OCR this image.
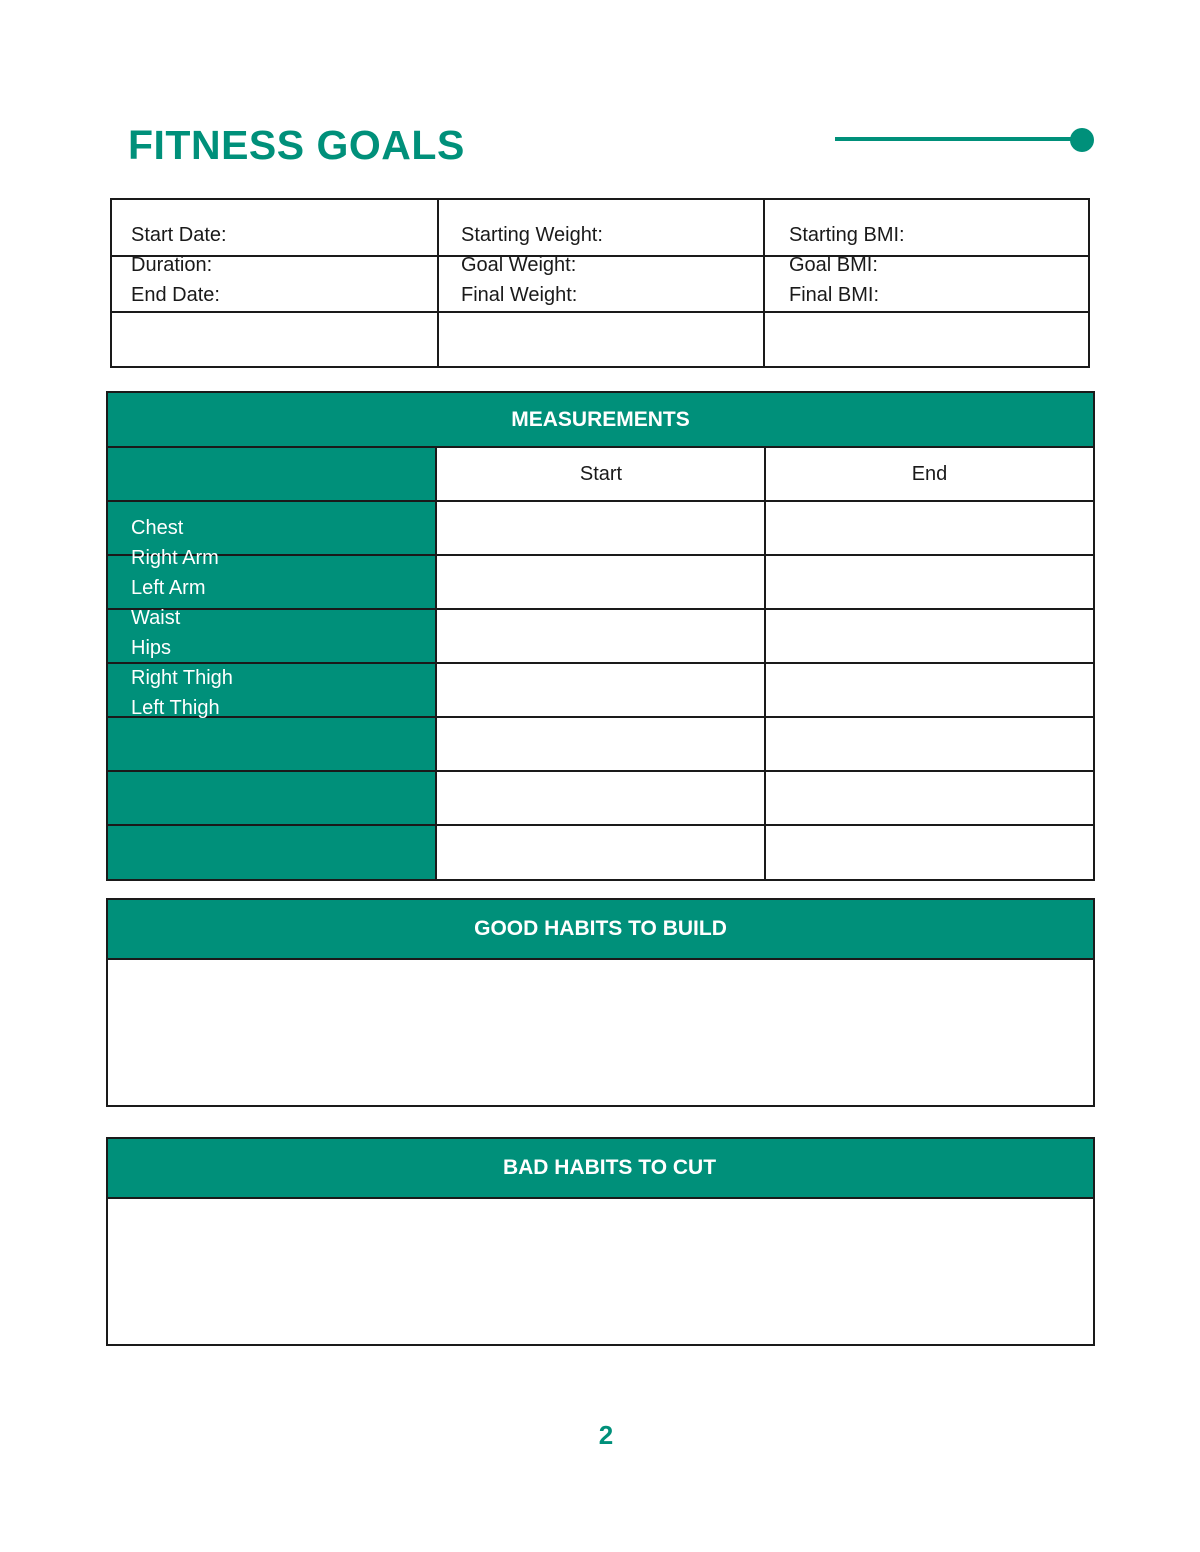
FITNESS GOALS
Start Date:
Duration:
End Date:
Starting Weight:
Goal Weight:
Final Weight:
Starting BMI:
Goal BMI:
Final BMI:
MEASUREMENTS
Start	End
Chest
Right Arm
Left Arm
Waist
Hips
Right Thigh
Left Thigh
GOOD HABITS TO BUILD
BAD HABITS TO CUT
2
